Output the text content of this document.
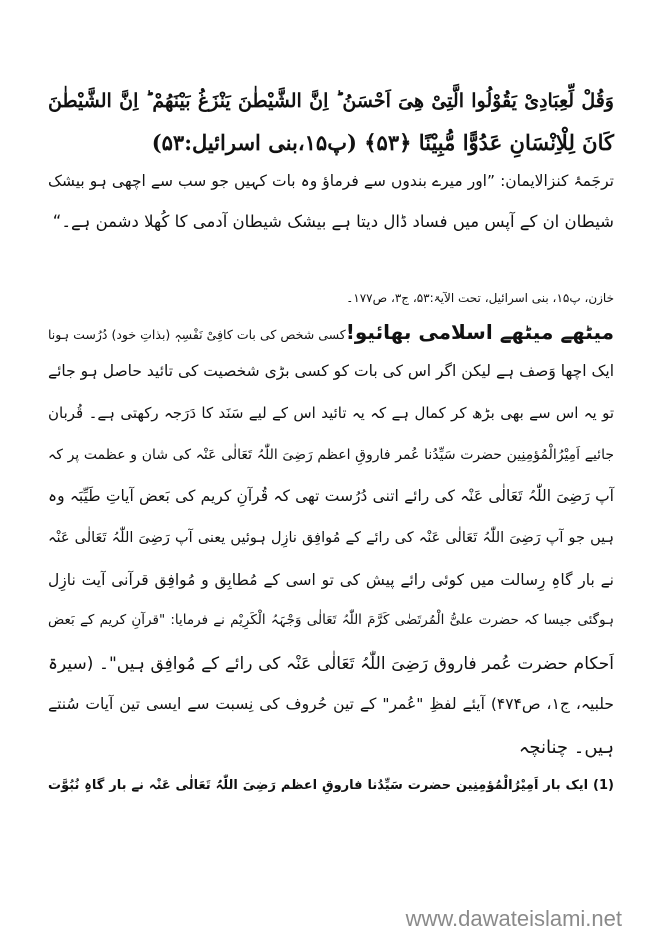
وَقُلْ لِّعِبَادِیْ یَقُوْلُوا الَّتِیْ هِیَ اَحْسَنُ ؕ اِنَّ الشَّیْطٰنَ یَنْزَغُ بَیْنَهُمْ ؕ اِنَّ الشَّیْطٰنَ
كَانَ لِلْاِنْسَانِ عَدُوًّا مُّبِیْنًا ﴿۵۳﴾ (پ۱۵،بنی اسرائیل:۵۳)
ترجَمۂ کنزالایمان: ”اور میرے بندوں سے فرماؤ وہ بات کہیں جو سب سے اچھی ہو بیشک
شیطان ان کے آپس میں فساد ڈال دیتا ہے بیشک شیطان آدمی کا کُھلا دشمن ہے۔“
خازن، پ۱۵، بنی اسرائیل، تحت الآیۃ:۵۳، ج۳، ص۱۷۷۔
میٹھے میٹھے اسلامی بھائیو!کسی شخص کی بات کافِیْ نَفْسِہٖ (بذاتِ خود) دُرُست ہونا
ایک اچھا وَصف ہے لیکن اگر اس کی بات کو کسی بڑی شخصیت کی تائید حاصل ہو جائے
تو یہ اس سے بھی بڑھ کر کمال ہے کہ یہ تائید اس کے لیے سَنَد کا دَرَجہ رکھتی ہے۔ قُربان
جائیے اَمِیْرُالْمُؤمِنِین حضرت سَیِّدُنا عُمر فاروقِ اعظم رَضِیَ اللّٰہُ تَعَالٰی عَنْہ کی شان و عظمت پر کہ
آپ رَضِیَ اللّٰہُ تَعَالٰی عَنْہ کی رائے اتنی دُرُست تھی کہ قُرآنِ کریم کی بَعض آیاتِ طَیِّبَہ وہ
ہیں جو آپ رَضِیَ اللّٰہُ تَعَالٰی عَنْہ کی رائے کے مُوافِق نازِل ہوئیں یعنی آپ رَضِیَ اللّٰہُ تَعَالٰی عَنْہ
نے بار گاہِ رِسالت میں کوئی رائے پیش کی تو اسی کے مُطابِق و مُوافِق قرآنی آیت نازِل
ہوگئی جیسا کہ حضرت علیُّ الْمُرتَضٰی کَرَّمَ اللّٰہُ تَعَالٰی وَجْہَہُ الْکَرِیْم نے فرمایا: "قرآنِ کریم کے بَعض
اَحکام حضرت عُمر فاروق رَضِیَ اللّٰہُ تَعَالٰی عَنْہ کی رائے کے مُوافِق ہیں"۔ (سیرۃ
حلبیہ، ج۱، ص۴۷۴) آیئے لفظِ "عُمر" کے تین حُروف کی نِسبت سے ایسی تین آیات سُنتے
ہیں۔ چنانچہ
(1) ایک بار اَمِیْرُالْمُؤمِنِین حضرت سَیِّدُنا فاروقِ اعظم رَضِیَ اللّٰہُ تَعَالٰی عَنْہ نے بار گاہِ نُبُوَّت
www.dawateislami.net
